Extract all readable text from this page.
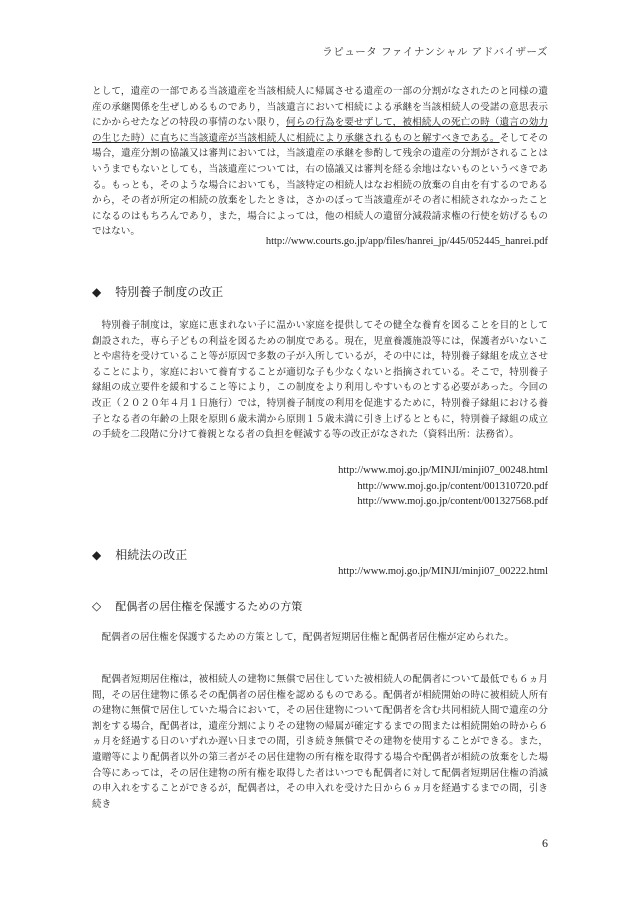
ラピュータ ファイナンシャル アドバイザーズ

として，遺産の一部である当該遺産を当該相続人に帰属させる遺産の一部の分割がなされたのと同様の遺産の承継関係を生ぜしめるものであり，当該遺言において相続による承継を当該相続人の受諾の意思表示にかからせたなどの特段の事情のない限り，何らの行為を要せずして，被相続人の死亡の時（遺言の効力の生じた時）に直ちに当該遺産が当該相続人に相続により承継されるものと解すべきである。そしてその場合，遺産分割の協議又は審判においては，当該遺産の承継を参酌して残余の遺産の分割がされることはいうまでもないとしても，当該遺産については，右の協議又は審判を経る余地はないものというべきである。もっとも，そのような場合においても，当該特定の相続人はなお相続の放棄の自由を有するのであるから，その者が所定の相続の放棄をしたときは，さかのぼって当該遺産がその者に相続されなかったことになるのはもちろんであり，また，場合によっては，他の相続人の遺留分減殺請求権の行使を妨げるものではない。

http://www.courts.go.jp/app/files/hanrei_jp/445/052445_hanrei.pdf
◆ 特別養子制度の改正

特別養子制度は，家庭に恵まれない子に温かい家庭を提供してその健全な養育を図ることを目的として創設された，専ら子どもの利益を図るための制度である。現在，児童養護施設等には，保護者がいないことや虐待を受けていること等が原因で多数の子が入所しているが，その中には，特別養子縁組を成立させることにより，家庭において養育することが適切な子も少なくないと指摘されている。そこで，特別養子縁組の成立要件を緩和すること等により，この制度をより利用しやすいものとする必要があった。今回の改正（２０２０年４月１日施行）では，特別養子制度の利用を促進するために，特別養子縁組における養子となる者の年齢の上限を原則６歳未満から原則１５歳未満に引き上げるとともに，特別養子縁組の成立の手続を二段階に分けて養親となる者の負担を軽減する等の改正がなされた（資料出所：法務省）。

http://www.moj.go.jp/MINJI/minji07_00248.html
http://www.moj.go.jp/content/001310720.pdf
http://www.moj.go.jp/content/001327568.pdf
◆ 相続法の改正
http://www.moj.go.jp/MINJI/minji07_00222.html
◇ 配偶者の居住権を保護するための方策

配偶者の居住権を保護するための方策として，配偶者短期居住権と配偶者居住権が定められた。

配偶者短期居住権は，被相続人の建物に無償で居住していた被相続人の配偶者について最低でも６ヵ月間，その居住建物に係るその配偶者の居住権を認めるものである。配偶者が相続開始の時に被相続人所有の建物に無償で居住していた場合において，その居住建物について配偶者を含む共同相続人間で遺産の分割をする場合，配偶者は，遺産分割によりその建物の帰属が確定するまでの間または相続開始の時から６ヵ月を経過する日のいずれか遅い日までの間，引き続き無償でその建物を使用することができる。また，遺贈等により配偶者以外の第三者がその居住建物の所有権を取得する場合や配偶者が相続の放棄をした場合等にあっては，その居住建物の所有権を取得した者はいつでも配偶者に対して配偶者短期居住権の消滅の申入れをすることができるが，配偶者は，その申入れを受けた日から６ヵ月を経過するまでの間，引き続き

6
